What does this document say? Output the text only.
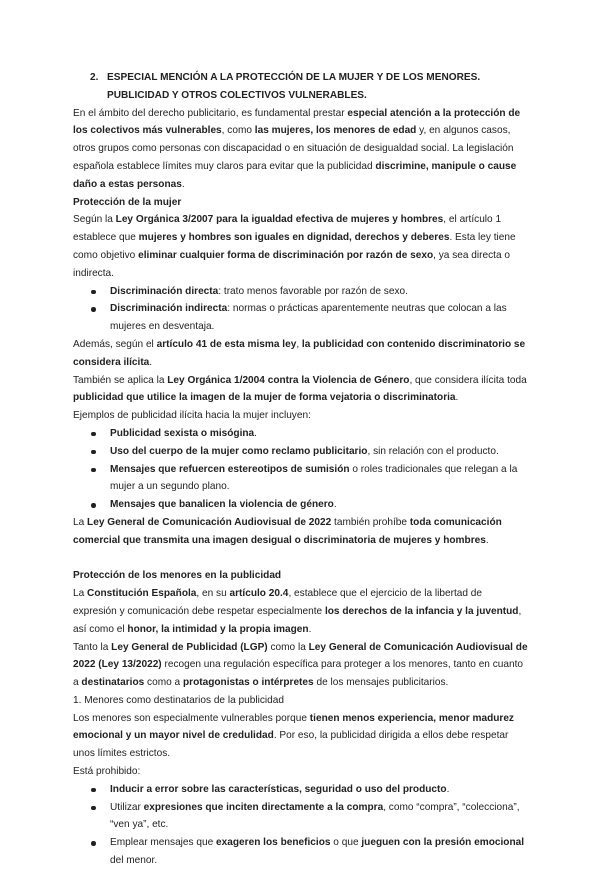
2. ESPECIAL MENCIÓN A LA PROTECCIÓN DE LA MUJER Y DE LOS MENORES.
PUBLICIDAD Y OTROS COLECTIVOS VULNERABLES.

En el ámbito del derecho publicitario, es fundamental prestar especial atención a la protección de los colectivos más vulnerables, como las mujeres, los menores de edad y, en algunos casos, otros grupos como personas con discapacidad o en situación de desigualdad social. La legislación española establece límites muy claros para evitar que la publicidad discrimine, manipule o cause daño a estas personas.

Protección de la mujer

Según la Ley Orgánica 3/2007 para la igualdad efectiva de mujeres y hombres, el artículo 1 establece que mujeres y hombres son iguales en dignidad, derechos y deberes. Esta ley tiene como objetivo eliminar cualquier forma de discriminación por razón de sexo, ya sea directa o indirecta.

Discriminación directa: trato menos favorable por razón de sexo.
Discriminación indirecta: normas o prácticas aparentemente neutras que colocan a las mujeres en desventaja.

Además, según el artículo 41 de esta misma ley, la publicidad con contenido discriminatorio se considera ilícita.

También se aplica la Ley Orgánica 1/2004 contra la Violencia de Género, que considera ilícita toda publicidad que utilice la imagen de la mujer de forma vejatoria o discriminatoria.

Ejemplos de publicidad ilícita hacia la mujer incluyen:

Publicidad sexista o misógina.
Uso del cuerpo de la mujer como reclamo publicitario, sin relación con el producto.
Mensajes que refuercen estereotipos de sumisión o roles tradicionales que relegan a la mujer a un segundo plano.
Mensajes que banalicen la violencia de género.

La Ley General de Comunicación Audiovisual de 2022 también prohíbe toda comunicación comercial que transmita una imagen desigual o discriminatoria de mujeres y hombres.

Protección de los menores en la publicidad

La Constitución Española, en su artículo 20.4, establece que el ejercicio de la libertad de expresión y comunicación debe respetar especialmente los derechos de la infancia y la juventud, así como el honor, la intimidad y la propia imagen.

Tanto la Ley General de Publicidad (LGP) como la Ley General de Comunicación Audiovisual de 2022 (Ley 13/2022) recogen una regulación específica para proteger a los menores, tanto en cuanto a destinatarios como a protagonistas o intérpretes de los mensajes publicitarios.

1. Menores como destinatarios de la publicidad

Los menores son especialmente vulnerables porque tienen menos experiencia, menor madurez emocional y un mayor nivel de credulidad. Por eso, la publicidad dirigida a ellos debe respetar unos límites estrictos.

Está prohibido:

Inducir a error sobre las características, seguridad o uso del producto.
Utilizar expresiones que inciten directamente a la compra, como “compra”, “colecciona”, “ven ya”, etc.
Emplear mensajes que exageren los beneficios o que jueguen con la presión emocional del menor.
